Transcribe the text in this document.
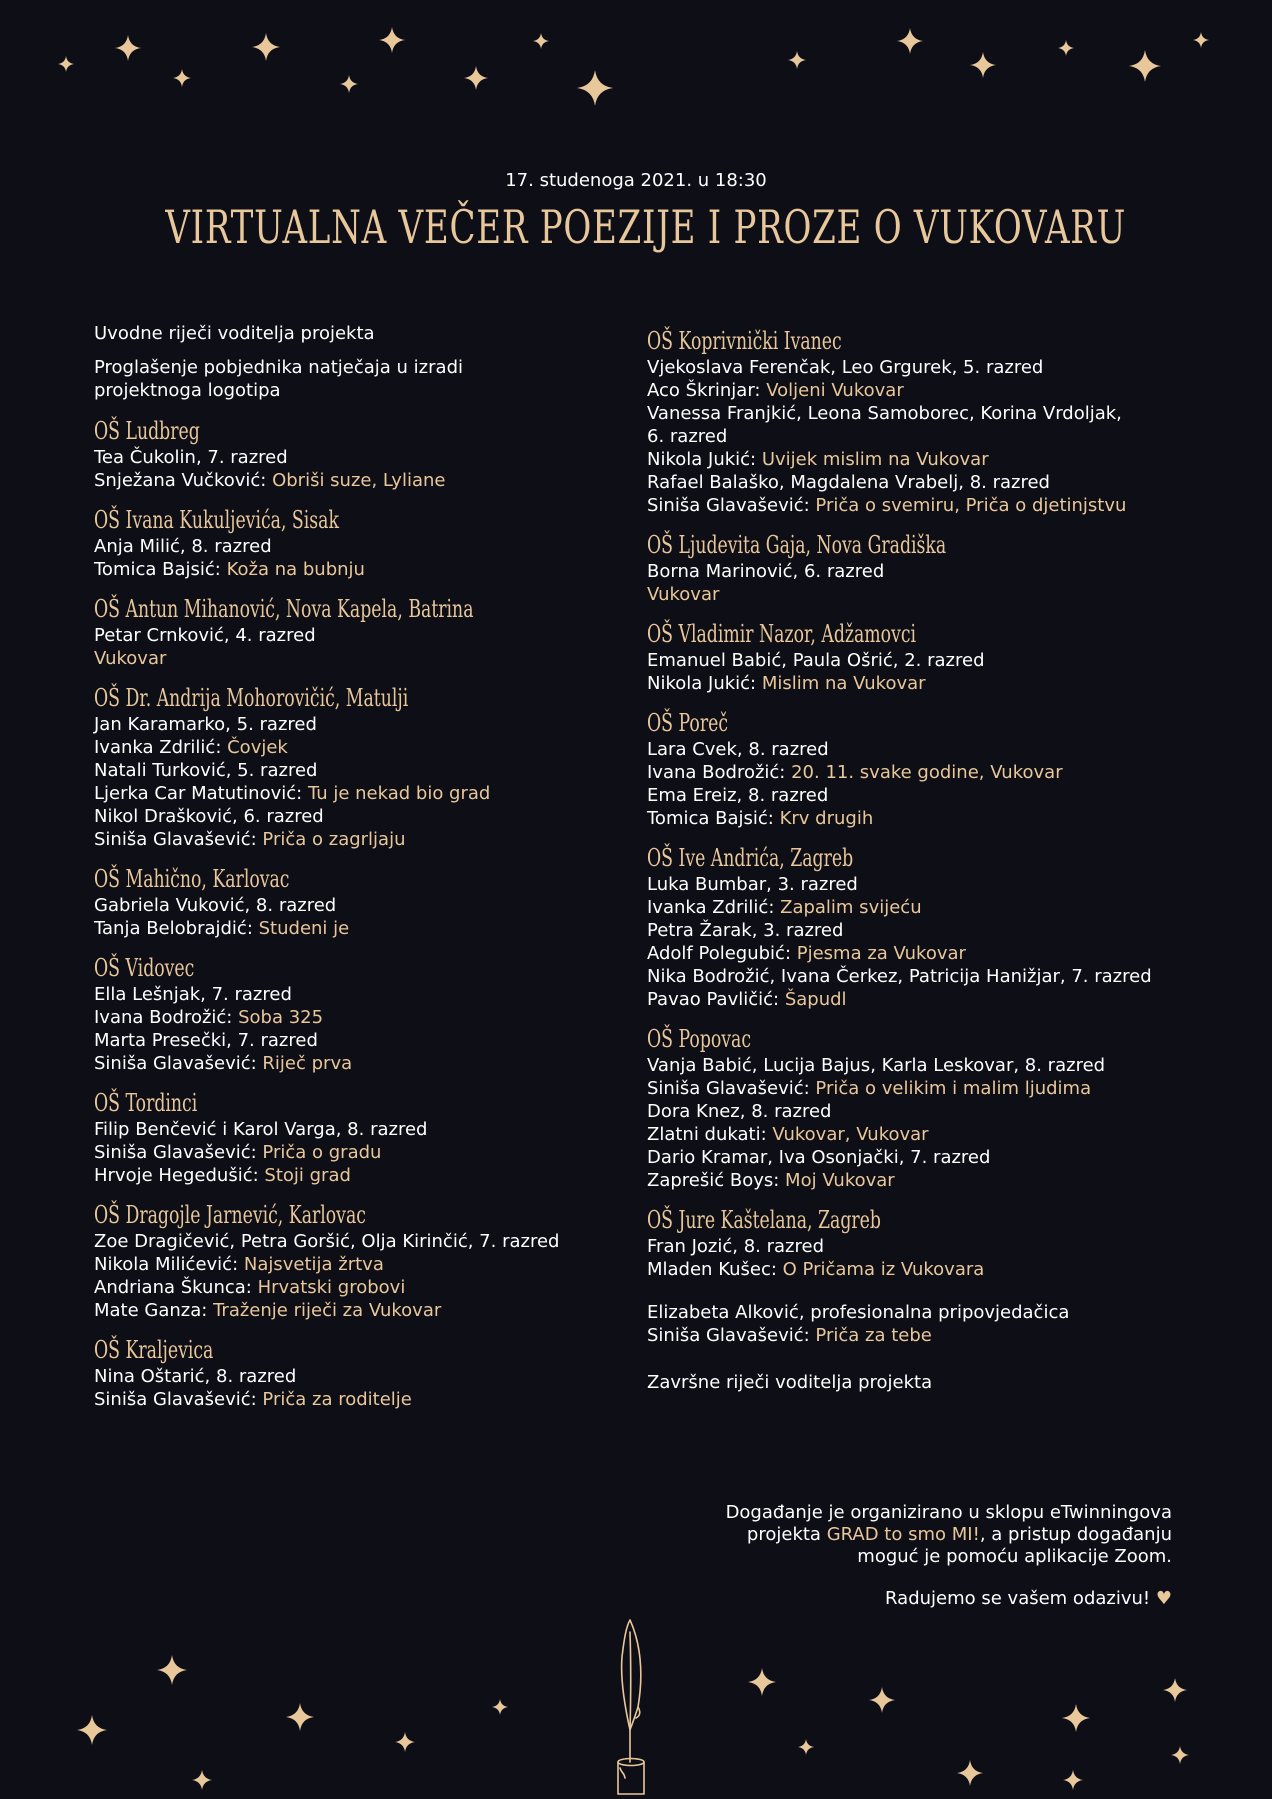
17. studenoga 2021. u 18:30
VIRTUALNA VEČER POEZIJE I PROZE O VUKOVARU
Uvodne riječi voditelja projekta
Proglašenje pobjednika natječaja u izradi projektnoga logotipa
OŠ Ludbreg
Tea Čukolin, 7. razred
Snježana Vučković: Obriši suze, Lyliane
OŠ Ivana Kukuljevića, Sisak
Anja Milić, 8. razred
Tomica Bajsić: Koža na bubnju
OŠ Antun Mihanović, Nova Kapela, Batrina
Petar Crnković, 4. razred
Vukovar
OŠ Dr. Andrija Mohorovičić, Matulji
Jan Karamarko, 5. razred
Ivanka Zdrilić: Čovjek
Natali Turković, 5. razred
Ljerka Car Matutinović: Tu je nekad bio grad
Nikol Drašković, 6. razred
Siniša Glavašević: Priča o zagrljaju
OŠ Mahično, Karlovac
Gabriela Vuković, 8. razred
Tanja Belobrajdić: Studeni je
OŠ Vidovec
Ella Lešnjak, 7. razred
Ivana Bodrožić: Soba 325
Marta Presečki, 7. razred
Siniša Glavašević: Riječ prva
OŠ Tordinci
Filip Benčević i Karol Varga, 8. razred
Siniša Glavašević: Priča o gradu
Hrvoje Hegedušić: Stoji grad
OŠ Dragojle Jarnević, Karlovac
Zoe Dragičević, Petra Goršić, Olja Kirinčić, 7. razred
Nikola Milićević: Najsvetija žrtva
Andriana Škunca: Hrvatski grobovi
Mate Ganza: Traženje riječi za Vukovar
OŠ Kraljevica
Nina Oštarić, 8. razred
Siniša Glavašević: Priča za roditelje
OŠ Koprivnički Ivanec
Vjekoslava Ferenčak, Leo Grgurek, 5. razred
Aco Škrinjar: Voljeni Vukovar
Vanessa Franjkić, Leona Samoborec, Korina Vrdoljak,
6. razred
Nikola Jukić: Uvijek mislim na Vukovar
Rafael Balaško, Magdalena Vrabelj, 8. razred
Siniša Glavašević: Priča o svemiru, Priča o djetinjstvu
OŠ Ljudevita Gaja, Nova Gradiška
Borna Marinović, 6. razred
Vukovar
OŠ Vladimir Nazor, Adžamovci
Emanuel Babić, Paula Ošrić, 2. razred
Nikola Jukić: Mislim na Vukovar
OŠ Poreč
Lara Cvek, 8. razred
Ivana Bodrožić: 20. 11. svake godine, Vukovar
Ema Ereiz, 8. razred
Tomica Bajsić: Krv drugih
OŠ Ive Andrića, Zagreb
Luka Bumbar, 3. razred
Ivanka Zdrilić: Zapalim svijeću
Petra Žarak, 3. razred
Adolf Polegubić: Pjesma za Vukovar
Nika Bodrožić, Ivana Čerkez, Patricija Hanižjar, 7. razred
Pavao Pavličić: Šapudl
OŠ Popovac
Vanja Babić, Lucija Bajus, Karla Leskovar, 8. razred
Siniša Glavašević: Priča o velikim i malim ljudima
Dora Knez, 8. razred
Zlatni dukati: Vukovar, Vukovar
Dario Kramar, Iva Osonjački, 7. razred
Zaprešić Boys: Moj Vukovar
OŠ Jure Kaštelana, Zagreb
Fran Jozić, 8. razred
Mladen Kušec: O Pričama iz Vukovara
Elizabeta Alković, profesionalna pripovjedačica
Siniša Glavašević: Priča za tebe
Završne riječi voditelja projekta
Događanje je organizirano u sklopu eTwinningova
projekta GRAD to smo MI!, a pristup događanju
moguć je pomoću aplikacije Zoom.
Radujemo se vašem odazivu! ♥
